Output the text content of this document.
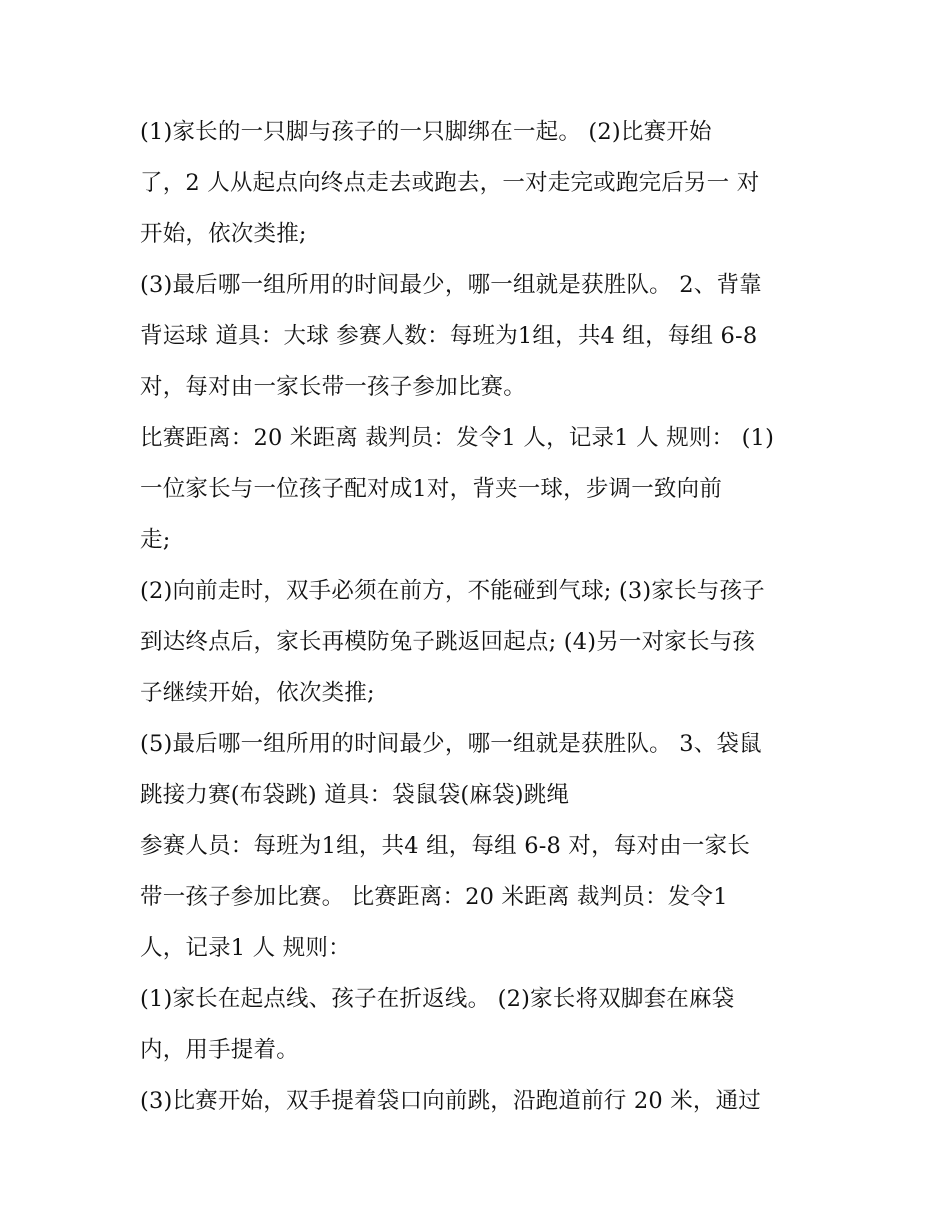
(1)家长的一只脚与孩子的一只脚绑在一起。 (2)比赛开始
了，2 人从起点向终点走去或跑去，一对走完或跑完后另一 对
开始，依次类推;
(3)最后哪一组所用的时间最少，哪一组就是获胜队。 2、背靠
背运球 道具：大球 参赛人数：每班为1组，共4 组，每组 6-8
对，每对由一家长带一孩子参加比赛。
比赛距离：20 米距离 裁判员：发令1 人，记录1 人 规则： (1)
一位家长与一位孩子配对成1对，背夹一球，步调一致向前
走;
(2)向前走时，双手必须在前方，不能碰到气球; (3)家长与孩子
到达终点后，家长再模防兔子跳返回起点; (4)另一对家长与孩
子继续开始，依次类推;
(5)最后哪一组所用的时间最少，哪一组就是获胜队。 3、袋鼠
跳接力赛(布袋跳) 道具：袋鼠袋(麻袋)跳绳
参赛人员：每班为1组，共4 组，每组 6-8 对，每对由一家长
带一孩子参加比赛。 比赛距离：20 米距离 裁判员：发令1
人，记录1 人 规则：
(1)家长在起点线、孩子在折返线。 (2)家长将双脚套在麻袋
内，用手提着。
(3)比赛开始，双手提着袋口向前跳，沿跑道前行 20 米，通过
